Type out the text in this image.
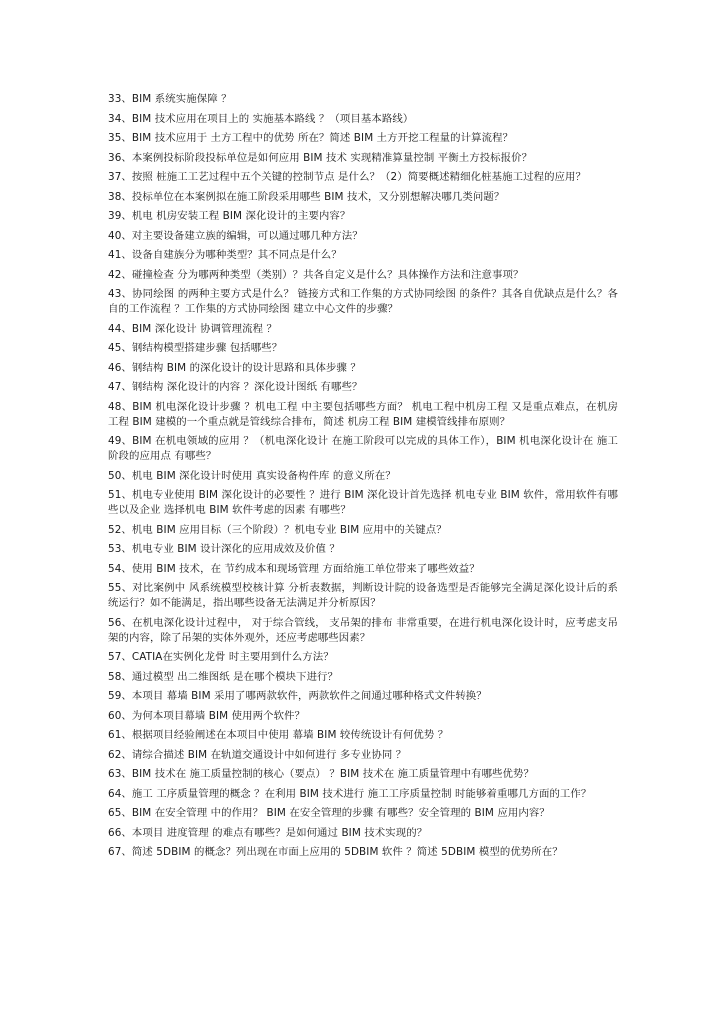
33、BIM 系统实施保障 ？

34、BIM 技术应用在项目上的 实施基本路线 ？（项目基本路线）

35、BIM 技术应用于 土方工程中的优势 所在？简述 BIM 土方开挖工程量的计算流程？

36、本案例投标阶段投标单位是如何应用 BIM 技术 实现精准算量控制 平衡土方投标报价？

37、按照 桩施工工艺过程中五个关键的控制节点 是什么？（2）简要概述精细化桩基施工过程的应用？

38、投标单位在本案例拟在施工阶段采用哪些 BIM 技术，又分别想解决哪几类问题？

39、机电 机房安装工程 BIM 深化设计的主要内容？

40、对主要设备建立族的编辑，可以通过哪几种方法？

41、设备自建族分为哪种类型？其不同点是什么？

42、碰撞检查 分为哪两种类型（类别）？共各自定义是什么？具体操作方法和注意事项？

43、协同绘图 的两种主要方式是什么？ 链接方式和工作集的方式协同绘图 的条件？其各自优缺点是什么？各自的工作流程 ？工作集的方式协同绘图 建立中心文件的步骤？

44、BIM 深化设计 协调管理流程 ？

45、钢结构模型搭建步骤 包括哪些？

46、钢结构 BIM 的深化设计的设计思路和具体步骤 ？

47、钢结构 深化设计的内容 ？深化设计图纸 有哪些？

48、BIM 机电深化设计步骤 ？机电工程 中主要包括哪些方面？ 机电工程中机房工程 又是重点难点，在机房工程 BIM 建模的一个重点就是管线综合排布，简述 机房工程 BIM 建模管线排布原则？

49、BIM 在机电领域的应用 ？（机电深化设计 在施工阶段可以完成的具体工作），BIM 机电深化设计在 施工阶段的应用点 有哪些？

50、机电 BIM 深化设计时使用 真实设备构件库 的意义所在？

51、机电专业使用 BIM 深化设计的必要性 ？进行 BIM 深化设计首先选择 机电专业 BIM 软件，常用软件有哪些以及企业 选择机电 BIM 软件考虑的因素 有哪些？

52、机电 BIM 应用目标（三个阶段）？机电专业 BIM 应用中的关键点？

53、机电专业 BIM 设计深化的应用成效及价值 ？

54、使用 BIM 技术，在 节约成本和现场管理 方面给施工单位带来了哪些效益？

55、对比案例中 风系统模型校核计算 分析表数据，判断设计院的设备选型是否能够完全满足深化设计后的系统运行？如不能满足，指出哪些设备无法满足并分析原因？

56、在机电深化设计过程中， 对于综合管线， 支吊架的排布 非常重要，在进行机电深化设计时，应考虑支吊架的内容，除了吊架的实体外观外，还应考虑哪些因素？

57、CATIA在实例化龙骨 时主要用到什么方法？

58、通过模型 出二维图纸 是在哪个模块下进行？

59、本项目 幕墙 BIM 采用了哪两款软件，两款软件之间通过哪种格式文件转换？

60、为何本项目幕墙 BIM 使用两个软件？

61、根据项目经验阐述在本项目中使用 幕墙 BIM 较传统设计有何优势 ？

62、请综合描述 BIM 在轨道交通设计中如何进行 多专业协同 ？

63、BIM 技术在 施工质量控制的核心（要点） ？BIM 技术在 施工质量管理中有哪些优势？

64、施工 工序质量管理的概念 ？在利用 BIM 技术进行 施工工序质量控制 时能够着重哪几方面的工作？

65、BIM 在安全管理 中的作用？ BIM 在安全管理的步骤 有哪些？安全管理的 BIM 应用内容？

66、本项目 进度管理 的难点有哪些？是如何通过 BIM 技术实现的？

67、简述 5DBIM 的概念？列出现在市面上应用的 5DBIM 软件 ？简述 5DBIM 模型的优势所在？
